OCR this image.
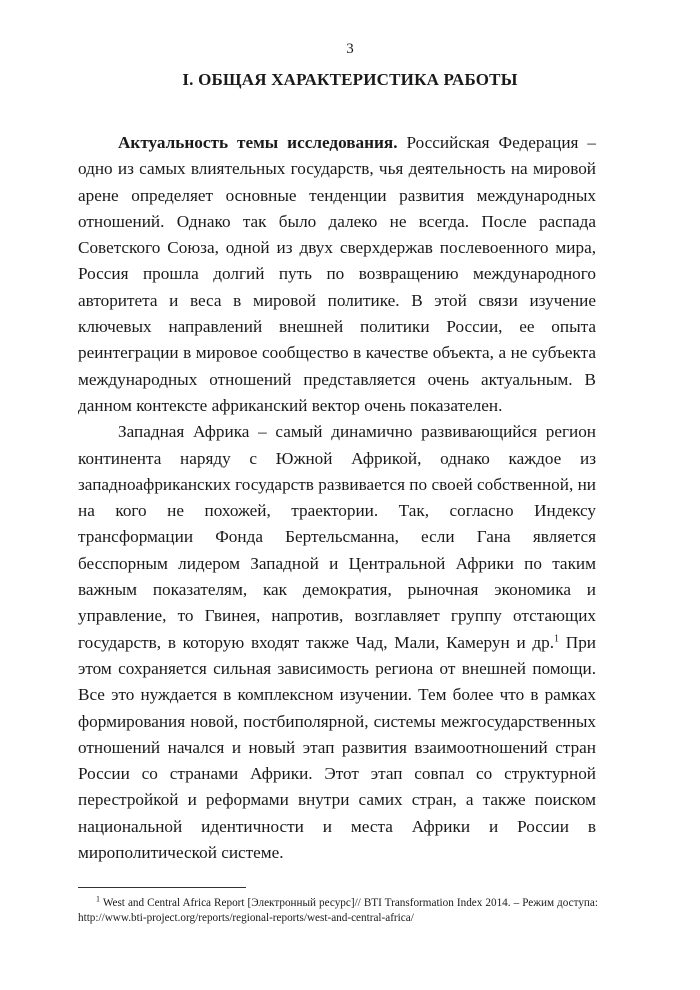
3
I. ОБЩАЯ ХАРАКТЕРИСТИКА РАБОТЫ

Актуальность темы исследования. Российская Федерация – одно из самых влиятельных государств, чья деятельность на мировой арене определяет основные тенденции развития международных отношений. Однако так было далеко не всегда. После распада Советского Союза, одной из двух сверхдержав послевоенного мира, Россия прошла долгий путь по возвращению международного авторитета и веса в мировой политике. В этой связи изучение ключевых направлений внешней политики России, ее опыта реинтеграции в мировое сообщество в качестве объекта, а не субъекта международных отношений представляется очень актуальным. В данном контексте африканский вектор очень показателен.

Западная Африка – самый динамично развивающийся регион континента наряду с Южной Африкой, однако каждое из западноафриканских государств развивается по своей собственной, ни на кого не похожей, траектории. Так, согласно Индексу трансформации Фонда Бертельсманна, если Гана является бесспорным лидером Западной и Центральной Африки по таким важным показателям, как демократия, рыночная экономика и управление, то Гвинея, напротив, возглавляет группу отстающих государств, в которую входят также Чад, Мали, Камерун и др.$^1$ При этом сохраняется сильная зависимость региона от внешней помощи. Все это нуждается в комплексном изучении. Тем более что в рамках формирования новой, постбиполярной, системы межгосударственных отношений начался и новый этап развития взаимоотношений стран России со странами Африки. Этот этап совпал со структурной перестройкой и реформами внутри самих стран, а также поиском национальной идентичности и места Африки и России в мирополитической системе.

$^1$ West and Central Africa Report [Электронный ресурс]// BTI Transformation Index 2014. – Режим доступа: http://www.bti-project.org/reports/regional-reports/west-and-central-africa/
